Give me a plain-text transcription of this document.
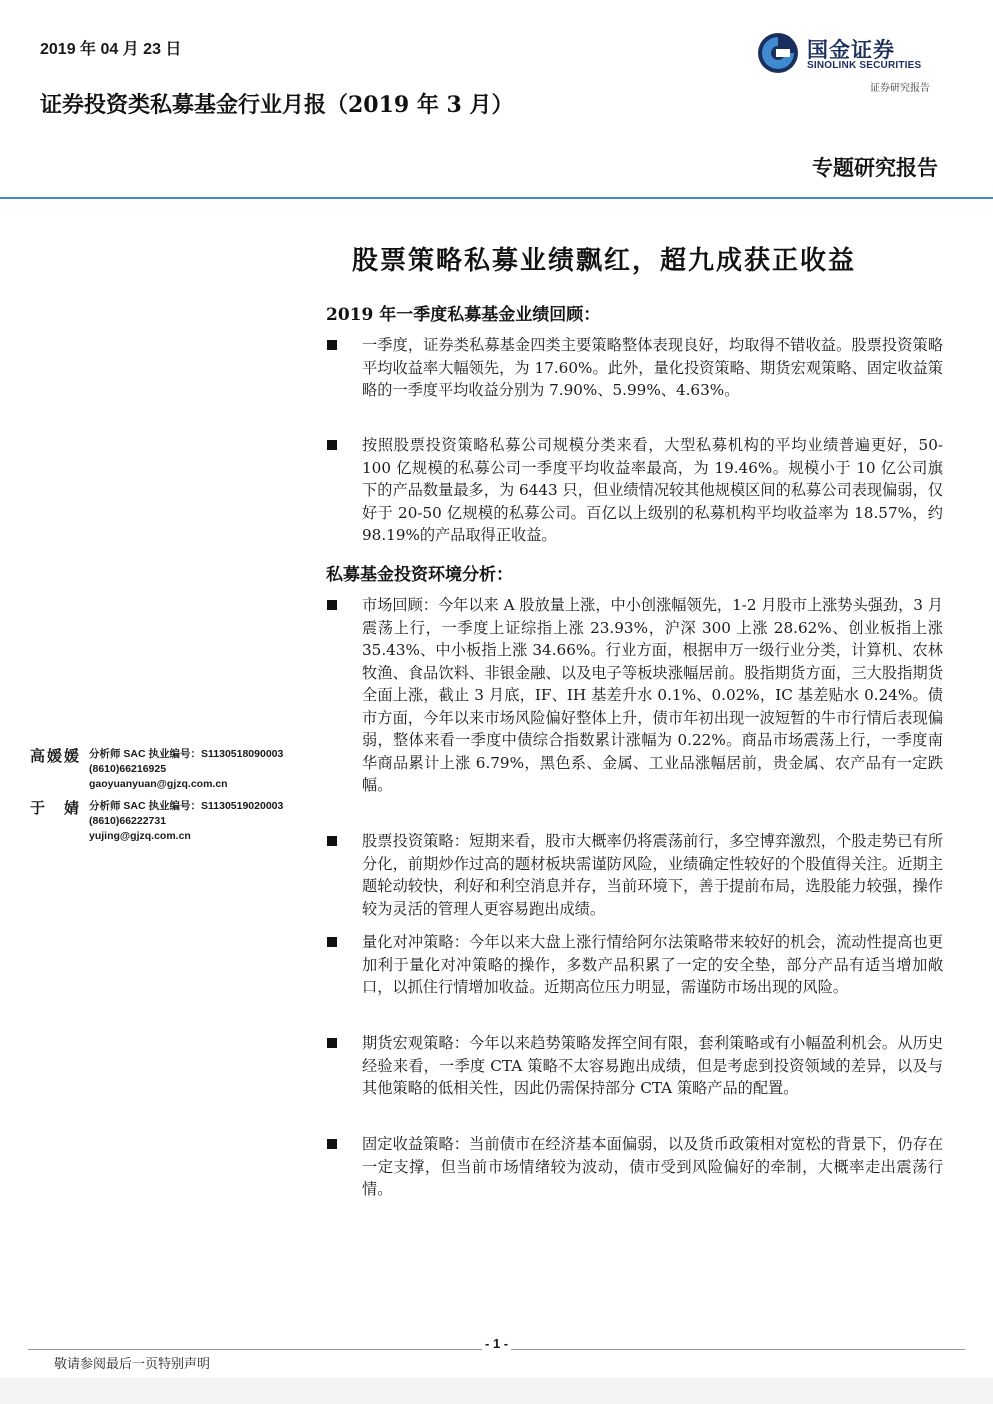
2019 年 04 月 23 日	国金证券
SINOLINK SECURITIES
证券研究报告
证券投资类私募基金行业月报（2019 年 3 月）
专题研究报告
股票策略私募业绩飘红，超九成获正收益
2019 年一季度私募基金业绩回顾：
一季度，证券类私募基金四类主要策略整体表现良好，均取得不错收益。股票投资策略平均收益率大幅领先，为 17.60%。此外，量化投资策略、期货宏观策略、固定收益策略的一季度平均收益分别为 7.90%、5.99%、4.63%。
按照股票投资策略私募公司规模分类来看，大型私募机构的平均业绩普遍更好，50-100 亿规模的私募公司一季度平均收益率最高，为 19.46%。规模小于 10 亿公司旗下的产品数量最多，为 6443 只，但业绩情况较其他规模区间的私募公司表现偏弱，仅好于 20-50 亿规模的私募公司。百亿以上级别的私募机构平均收益率为 18.57%，约 98.19%的产品取得正收益。
私募基金投资环境分析：
市场回顾：今年以来 A 股放量上涨，中小创涨幅领先，1-2 月股市上涨势头强劲，3 月震荡上行，一季度上证综指上涨 23.93%，沪深 300 上涨 28.62%、创业板指上涨 35.43%、中小板指上涨 34.66%。行业方面，根据申万一级行业分类，计算机、农林牧渔、食品饮料、非银金融、以及电子等板块涨幅居前。股指期货方面，三大股指期货全面上涨，截止 3 月底，IF、IH 基差升水 0.1%、0.02%，IC 基差贴水 0.24%。债市方面，今年以来市场风险偏好整体上升，债市年初出现一波短暂的牛市行情后表现偏弱，整体来看一季度中债综合指数累计涨幅为 0.22%。商品市场震荡上行，一季度南华商品累计上涨 6.79%，黑色系、金属、工业品涨幅居前，贵金属、农产品有一定跌幅。
股票投资策略：短期来看，股市大概率仍将震荡前行，多空博弈激烈，个股走势已有所分化，前期炒作过高的题材板块需谨防风险，业绩确定性较好的个股值得关注。近期主题轮动较快，利好和利空消息并存，当前环境下，善于提前布局，选股能力较强，操作较为灵活的管理人更容易跑出成绩。
量化对冲策略：今年以来大盘上涨行情给阿尔法策略带来较好的机会，流动性提高也更加利于量化对冲策略的操作，多数产品积累了一定的安全垫，部分产品有适当增加敞口，以抓住行情增加收益。近期高位压力明显，需谨防市场出现的风险。
期货宏观策略：今年以来趋势策略发挥空间有限，套利策略或有小幅盈利机会。从历史经验来看，一季度 CTA 策略不太容易跑出成绩，但是考虑到投资领域的差异，以及与其他策略的低相关性，因此仍需保持部分 CTA 策略产品的配置。
固定收益策略：当前债市在经济基本面偏弱，以及货币政策相对宽松的背景下，仍存在一定支撑，但当前市场情绪较为波动，债市受到风险偏好的牵制，大概率走出震荡行情。
高媛媛 分析师 SAC 执业编号：S1130518090003
(8610)66216925
gaoyuanyuan@gjzq.com.cn
于　婧 分析师 SAC 执业编号：S1130519020003
(8610)66222731
yujing@gjzq.com.cn
- 1 -
敬请参阅最后一页特别声明
